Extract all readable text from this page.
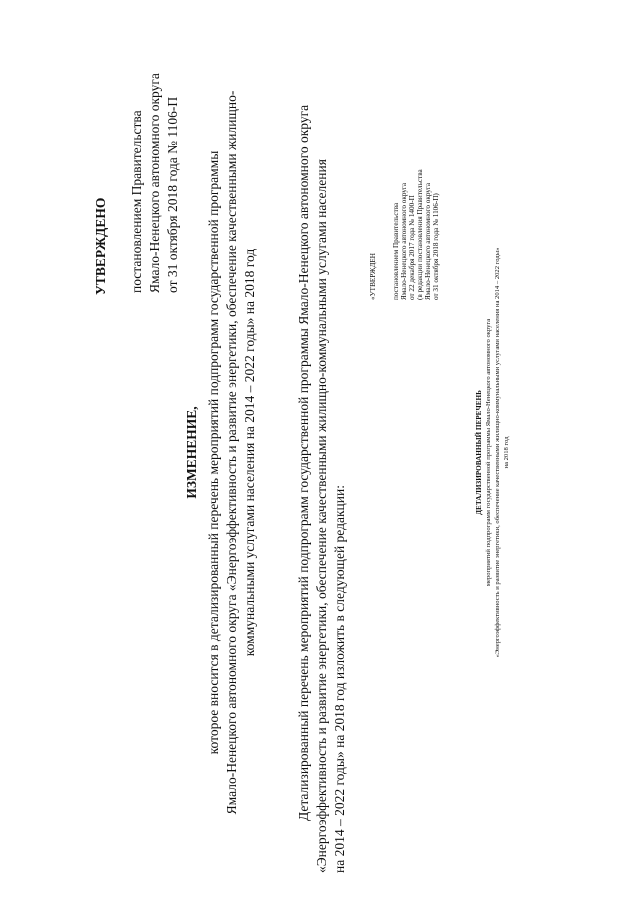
УТВЕРЖДЕНО постановлением Правительства Ямало-Ненецкого автономного округа от 31 октября 2018 года № 1106-П
ИЗМЕНЕНИЕ, которое вносится в детализированный перечень мероприятий подпрограмм государственной программы Ямало-Ненецкого автономного округа «Энергоэффективность и развитие энергетики, обеспечение качественными жилищно- коммунальными услугами населения на 2014 – 2022 годы» на 2018 год	Детализированный перечень мероприятий подпрограмм государственной программы Ямало-Ненецкого автономного округа «Энергоэффективность и развитие энергетики, обеспечение качественными жилищно-коммунальными услугами населения на 2014 – 2022 годы» на 2018 год изложить в следующей редакции:
«УТВЕРЖДЕН постановлением Правительства Ямало-Ненецкого автономного округа от 22 декабря 2017 года № 1400-П (в редакции постановления Правительства Ямало-Ненецкого автономного округа от 31 октября 2018 года № 1106-П)
ДЕТАЛИЗИРОВАННЫЙ ПЕРЕЧЕНЬ мероприятий подпрограмм государственной программы Ямало-Ненецкого автономного округа «Энергоэффективность и развитие энергетики, обеспечение качественными жилищно-коммунальными услугами населения на 2014 – 2022 годы» на 2018 год
